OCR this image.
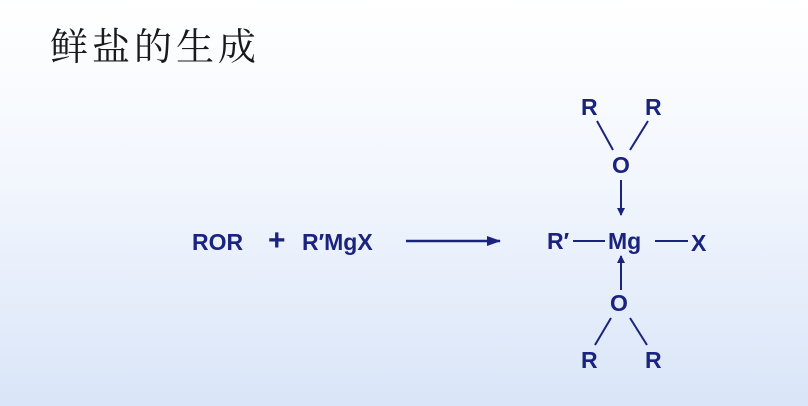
鲜盐的生成
ROR + R′MgX
R R
O
R′ Mg X
O
R R
